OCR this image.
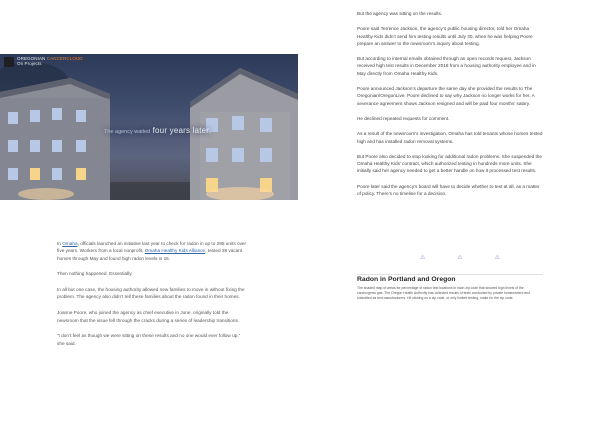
OREGONIAN CANCERCLOUD
On Projects
The agency waited four years later.

In Omaha, officials launched an initiative last year to check for radon in up to 285 units over five years. Workers from a local nonprofit, Omaha Healthy Kids Alliance, tested 38 vacant homes through May and found high radon levels in 16.

Then nothing happened. Essentially.

In all but one case, the housing authority allowed new families to move in without fixing the problem. The agency also didn’t tell these families about the radon found in their homes.

Joanne Poore, who joined the agency as chief executive in June, originally told the newsroom that the issue fell through the cracks during a series of leadership transitions.

“I don’t feel as though we were sitting on these results and no one would ever follow up,” she said.

But the agency was sitting on the results.

Poore said Terrence Jackson, the agency’s public housing director, told her Omaha Healthy Kids didn’t send him testing results until July 30, when he was helping Poore prepare an answer to the newsroom’s inquiry about testing.

But according to internal emails obtained through an open records request, Jackson received high test results in December 2018 from a housing authority employee and in May directly from Omaha Healthy Kids.

Poore announced Jackson’s departure the same day she provided the results to The Oregonian/OregonLive. Poore declined to say why Jackson no longer works for her. A severance agreement shows Jackson resigned and will be paid four months’ salary.

He declined repeated requests for comment.

As a result of the newsroom’s investigation, Omaha has told tenants whose homes tested high and has installed radon removal systems.

But Poore also decided to stop looking for additional radon problems. She suspended the Omaha Healthy Kids’ contract, which authorized testing in hundreds more units. She initially said her agency needed to get a better handle on how it processed test results.

Poore later said the agency’s board will have to decide whether to test at all, as a matter of policy. There’s no timeline for a decision.

⚠	⚠	⚠
Radon in Portland and Oregon
The shaded map of areas for percentage of radon test locations in each zip code that showed high levels of the carcinogenic gas. The Oregon Health Authority has collected results of tests conducted by private homeowners and submitted as test manufacturers. Hit clicking on a zip code, or only limited testing, make for the zip code.
